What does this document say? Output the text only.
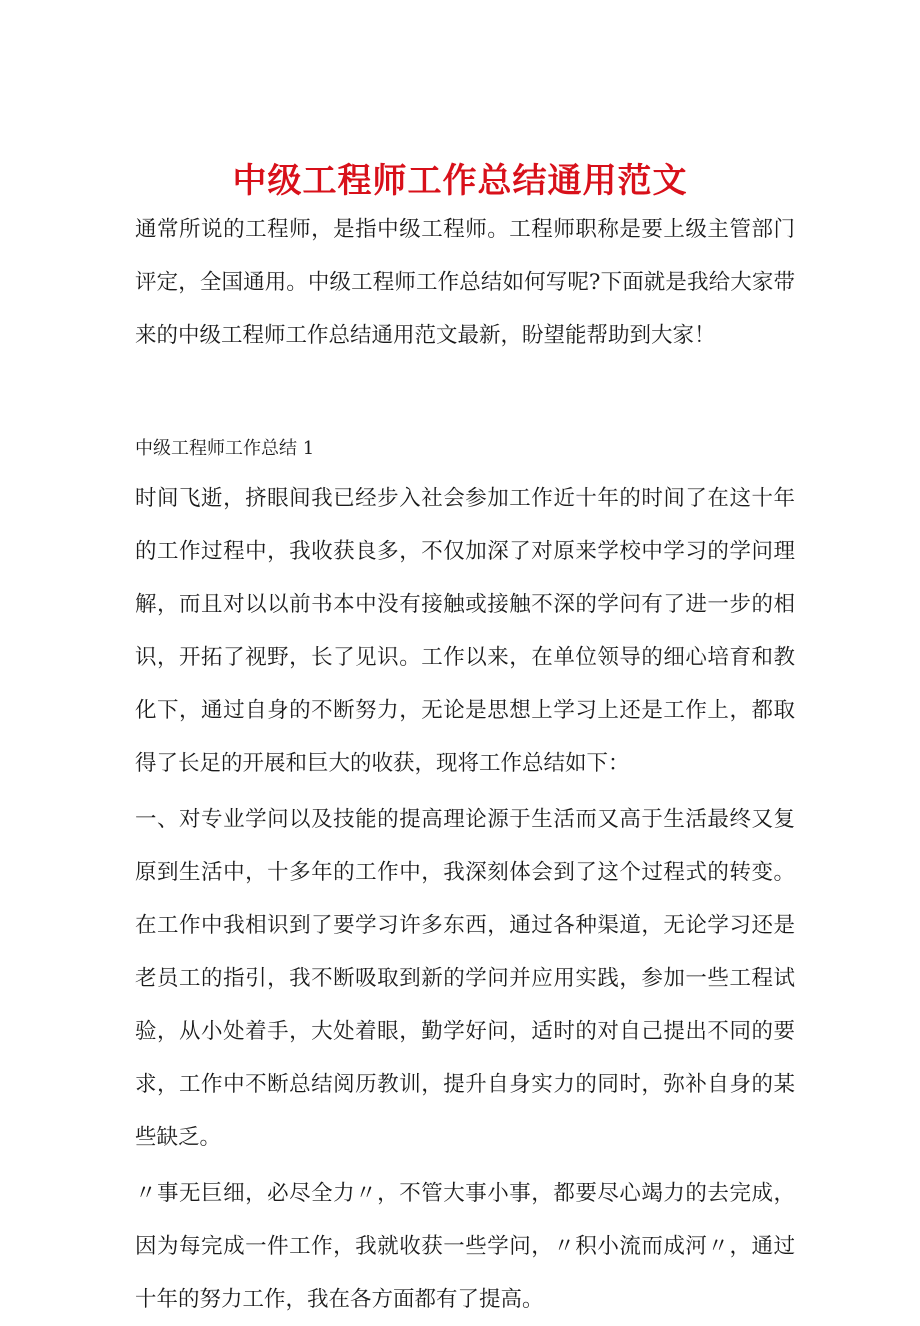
中级工程师工作总结通用范文

通常所说的工程师，是指中级工程师。工程师职称是要上级主管部门评定，全国通用。中级工程师工作总结如何写呢?下面就是我给大家带来的中级工程师工作总结通用范文最新，盼望能帮助到大家！

中级工程师工作总结 1

时间飞逝，挤眼间我已经步入社会参加工作近十年的时间了在这十年的工作过程中，我收获良多，不仅加深了对原来学校中学习的学问理解，而且对以以前书本中没有接触或接触不深的学问有了进一步的相识，开拓了视野，长了见识。工作以来，在单位领导的细心培育和教化下，通过自身的不断努力，无论是思想上学习上还是工作上，都取得了长足的开展和巨大的收获，现将工作总结如下：

一、对专业学问以及技能的提高理论源于生活而又高于生活最终又复原到生活中，十多年的工作中，我深刻体会到了这个过程式的转变。在工作中我相识到了要学习许多东西，通过各种渠道，无论学习还是老员工的指引，我不断吸取到新的学问并应用实践，参加一些工程试验，从小处着手，大处着眼，勤学好问，适时的对自己提出不同的要求，工作中不断总结阅历教训，提升自身实力的同时，弥补自身的某些缺乏。

〃事无巨细，必尽全力〃，不管大事小事，都要尽心竭力的去完成，因为每完成一件工作，我就收获一些学问，〃积小流而成河〃，通过十年的努力工作，我在各方面都有了提高。
